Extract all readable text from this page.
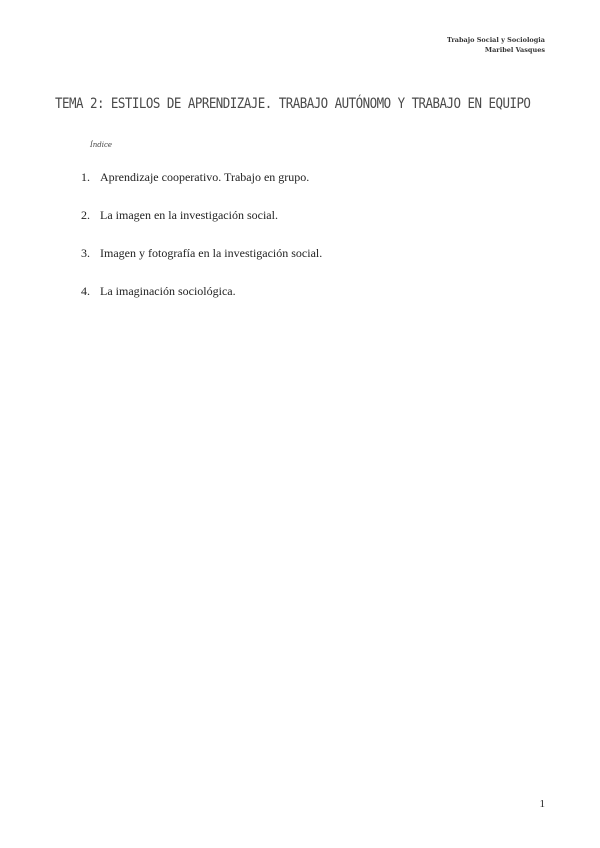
Trabajo Social y Sociologia
Maribel Vasques
TEMA 2: ESTILOS DE APRENDIZAJE. TRABAJO AUTÓNOMO Y TRABAJO EN EQUIPO
Índice
1. Aprendizaje cooperativo. Trabajo en grupo.
2. La imagen en la investigación social.
3. Imagen y fotografía en la investigación social.
4. La imaginación sociológica.
1
